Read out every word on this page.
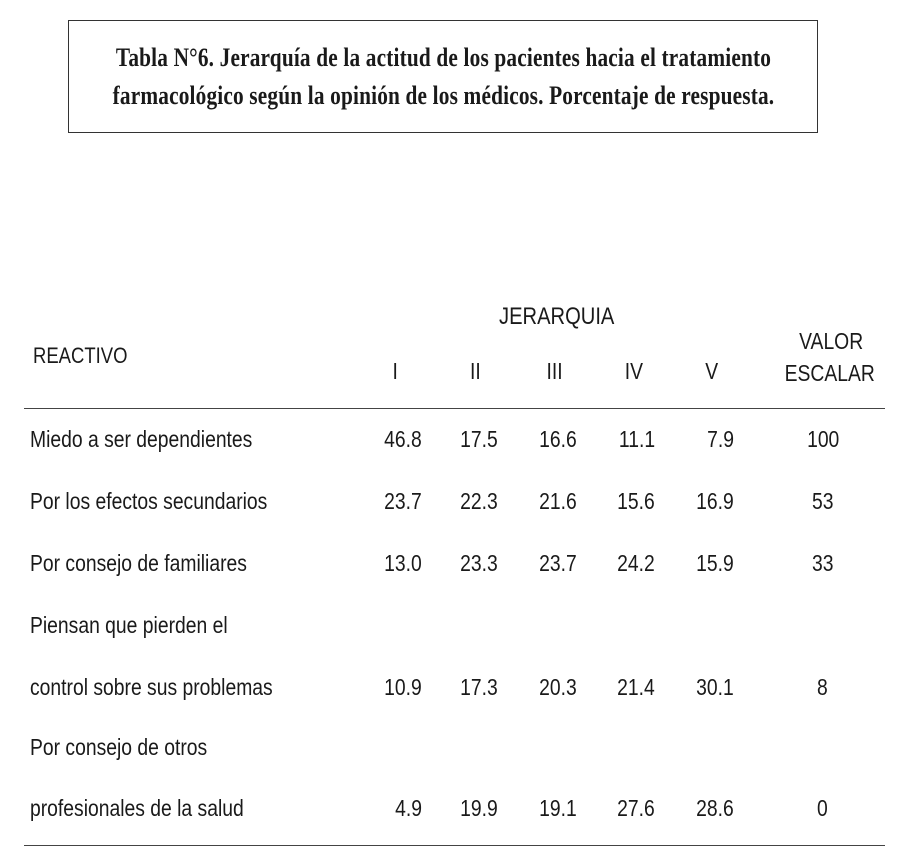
Tabla N°6. Jerarquía de la actitud de los pacientes hacia el tratamiento
farmacológico según la opinión de los médicos. Porcentaje de respuesta.
JERARQUIA
REACTIVO
I	II	III	IV	V
VALOR
ESCALAR
Miedo a ser dependientes	46.8 17.5 16.6 11.1 7.9	100
Por los efectos secundarios	23.7 22.3 21.6 15.6 16.9	53
Por consejo de familiares	13.0 23.3 23.7 24.2 15.9	33
Piensan que pierden el
control sobre sus problemas	10.9 17.3 20.3 21.4 30.1	8
Por consejo de otros
profesionales de la salud	4.9 19.9 19.1 27.6 28.6	0
